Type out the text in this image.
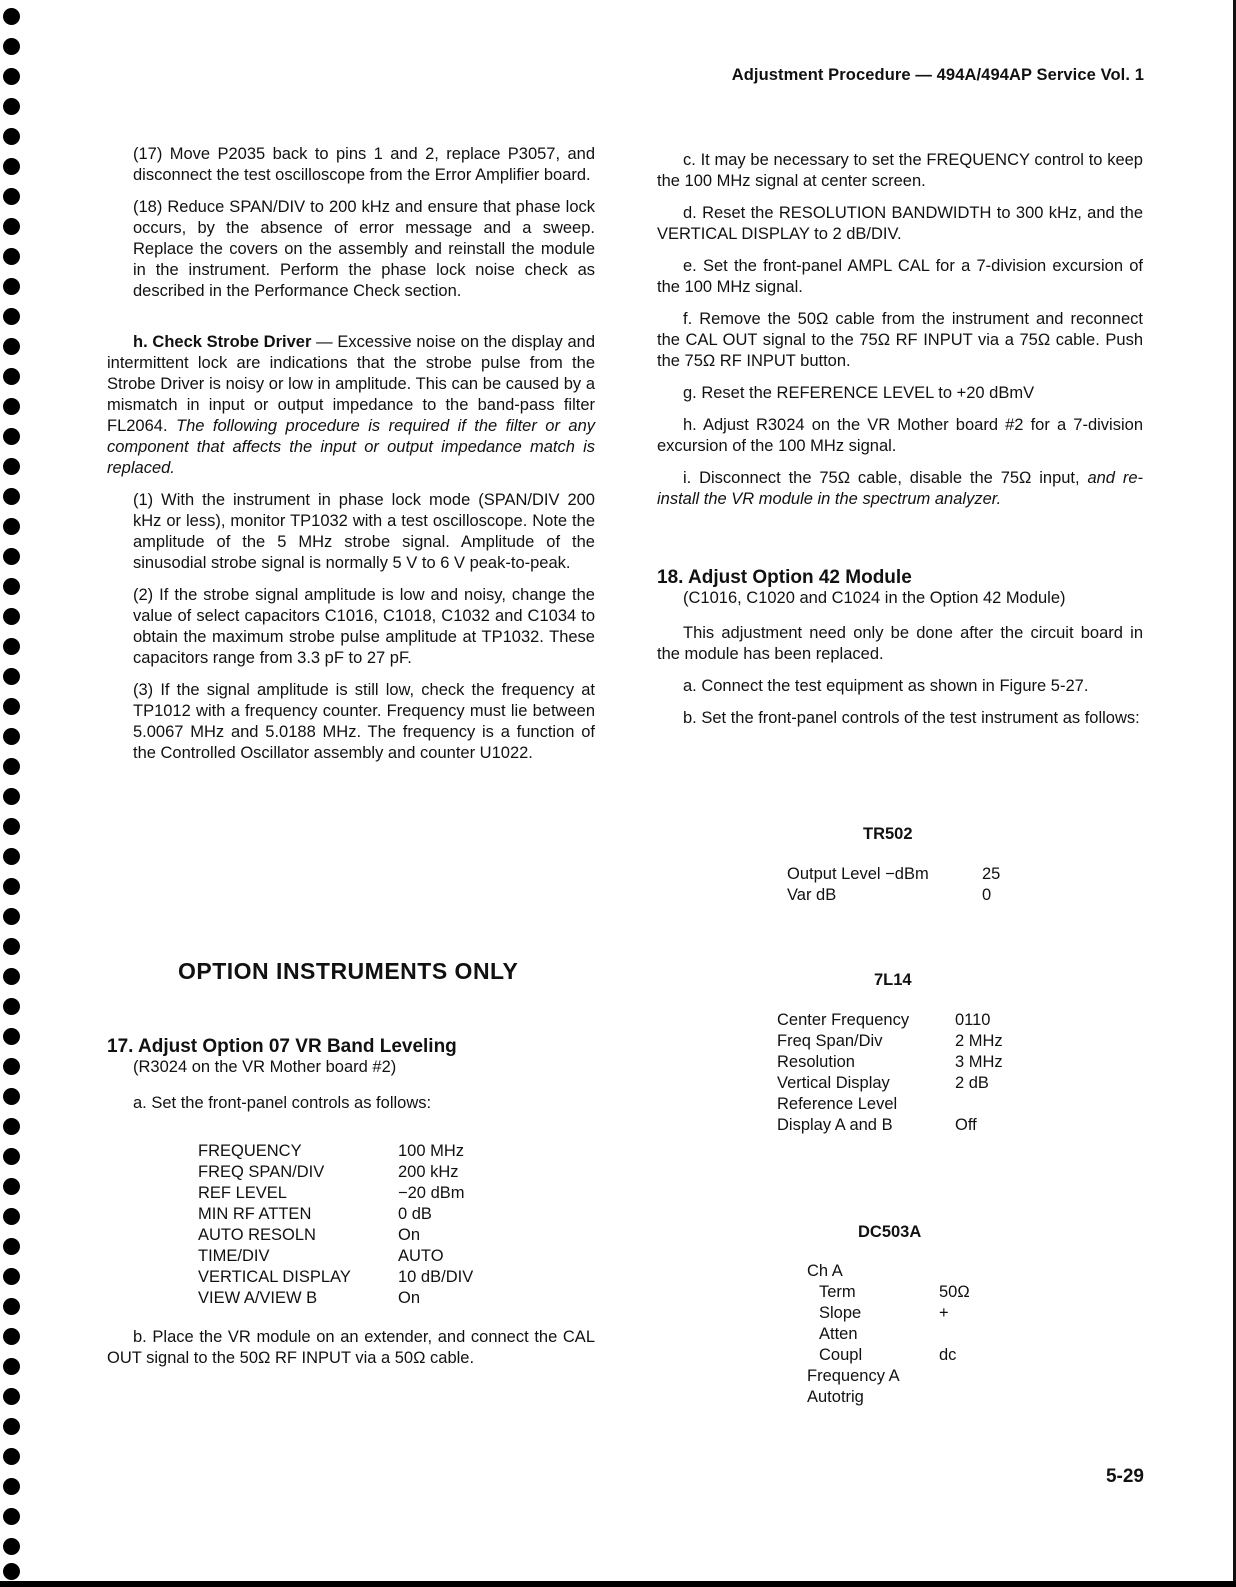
Adjustment Procedure — 494A/494AP Service Vol. 1

(17) Move P2035 back to pins 1 and 2, replace P3057, and disconnect the test oscilloscope from the Error Amplifier board.

(18) Reduce SPAN/DIV to 200 kHz and ensure that phase lock occurs, by the absence of error message and a sweep. Replace the covers on the assembly and reinstall the module in the instrument. Perform the phase lock noise check as described in the Performance Check section.

h. Check Strobe Driver — Excessive noise on the display and intermittent lock are indications that the strobe pulse from the Strobe Driver is noisy or low in amplitude. This can be caused by a mismatch in input or output impedance to the band-pass filter FL2064. The following procedure is required if the filter or any component that affects the input or output impedance match is replaced.

(1) With the instrument in phase lock mode (SPAN/DIV 200 kHz or less), monitor TP1032 with a test oscilloscope. Note the amplitude of the 5 MHz strobe signal. Amplitude of the sinusodial strobe signal is normally 5 V to 6 V peak-to-peak.

(2) If the strobe signal amplitude is low and noisy, change the value of select capacitors C1016, C1018, C1032 and C1034 to obtain the maximum strobe pulse amplitude at TP1032. These capacitors range from 3.3 pF to 27 pF.

(3) If the signal amplitude is still low, check the frequency at TP1012 with a frequency counter. Frequency must lie between 5.0067 MHz and 5.0188 MHz. The frequency is a function of the Controlled Oscillator assembly and counter U1022.

OPTION INSTRUMENTS ONLY
17. Adjust Option 07 VR Band Leveling
(R3024 on the VR Mother board #2)
a. Set the front-panel controls as follows:
FREQUENCY	100 MHz
FREQ SPAN/DIV	200 kHz
REF LEVEL	−20 dBm
MIN RF ATTEN	0 dB
AUTO RESOLN	On
TIME/DIV	AUTO
VERTICAL DISPLAY	10 dB/DIV
VIEW A/VIEW B	On
b. Place the VR module on an extender, and connect the CAL OUT signal to the 50Ω RF INPUT via a 50Ω cable.

c. It may be necessary to set the FREQUENCY control to keep the 100 MHz signal at center screen.

d. Reset the RESOLUTION BANDWIDTH to 300 kHz, and the VERTICAL DISPLAY to 2 dB/DIV.

e. Set the front-panel AMPL CAL for a 7-division excursion of the 100 MHz signal.

f. Remove the 50Ω cable from the instrument and reconnect the CAL OUT signal to the 75Ω RF INPUT via a 75Ω cable. Push the 75Ω RF INPUT button.

g. Reset the REFERENCE LEVEL to +20 dBmV

h. Adjust R3024 on the VR Mother board #2 for a 7-division excursion of the 100 MHz signal.

i. Disconnect the 75Ω cable, disable the 75Ω input, and re-install the VR module in the spectrum analyzer.

18. Adjust Option 42 Module
(C1016, C1020 and C1024 in the Option 42 Module)

This adjustment need only be done after the circuit board in the module has been replaced.

a. Connect the test equipment as shown in Figure 5-27.

b. Set the front-panel controls of the test instrument as follows:

TR502
Output Level −dBm	25
Var dB	0
7L14
Center Frequency	0110
Freq Span/Div	2 MHz
Resolution	3 MHz
Vertical Display	2 dB
Reference Level
Display A and B	Off
DC503A
Ch A
Term	50Ω
Slope	+
Atten
Coupl	dc
Frequency A
Autotrig
5-29
